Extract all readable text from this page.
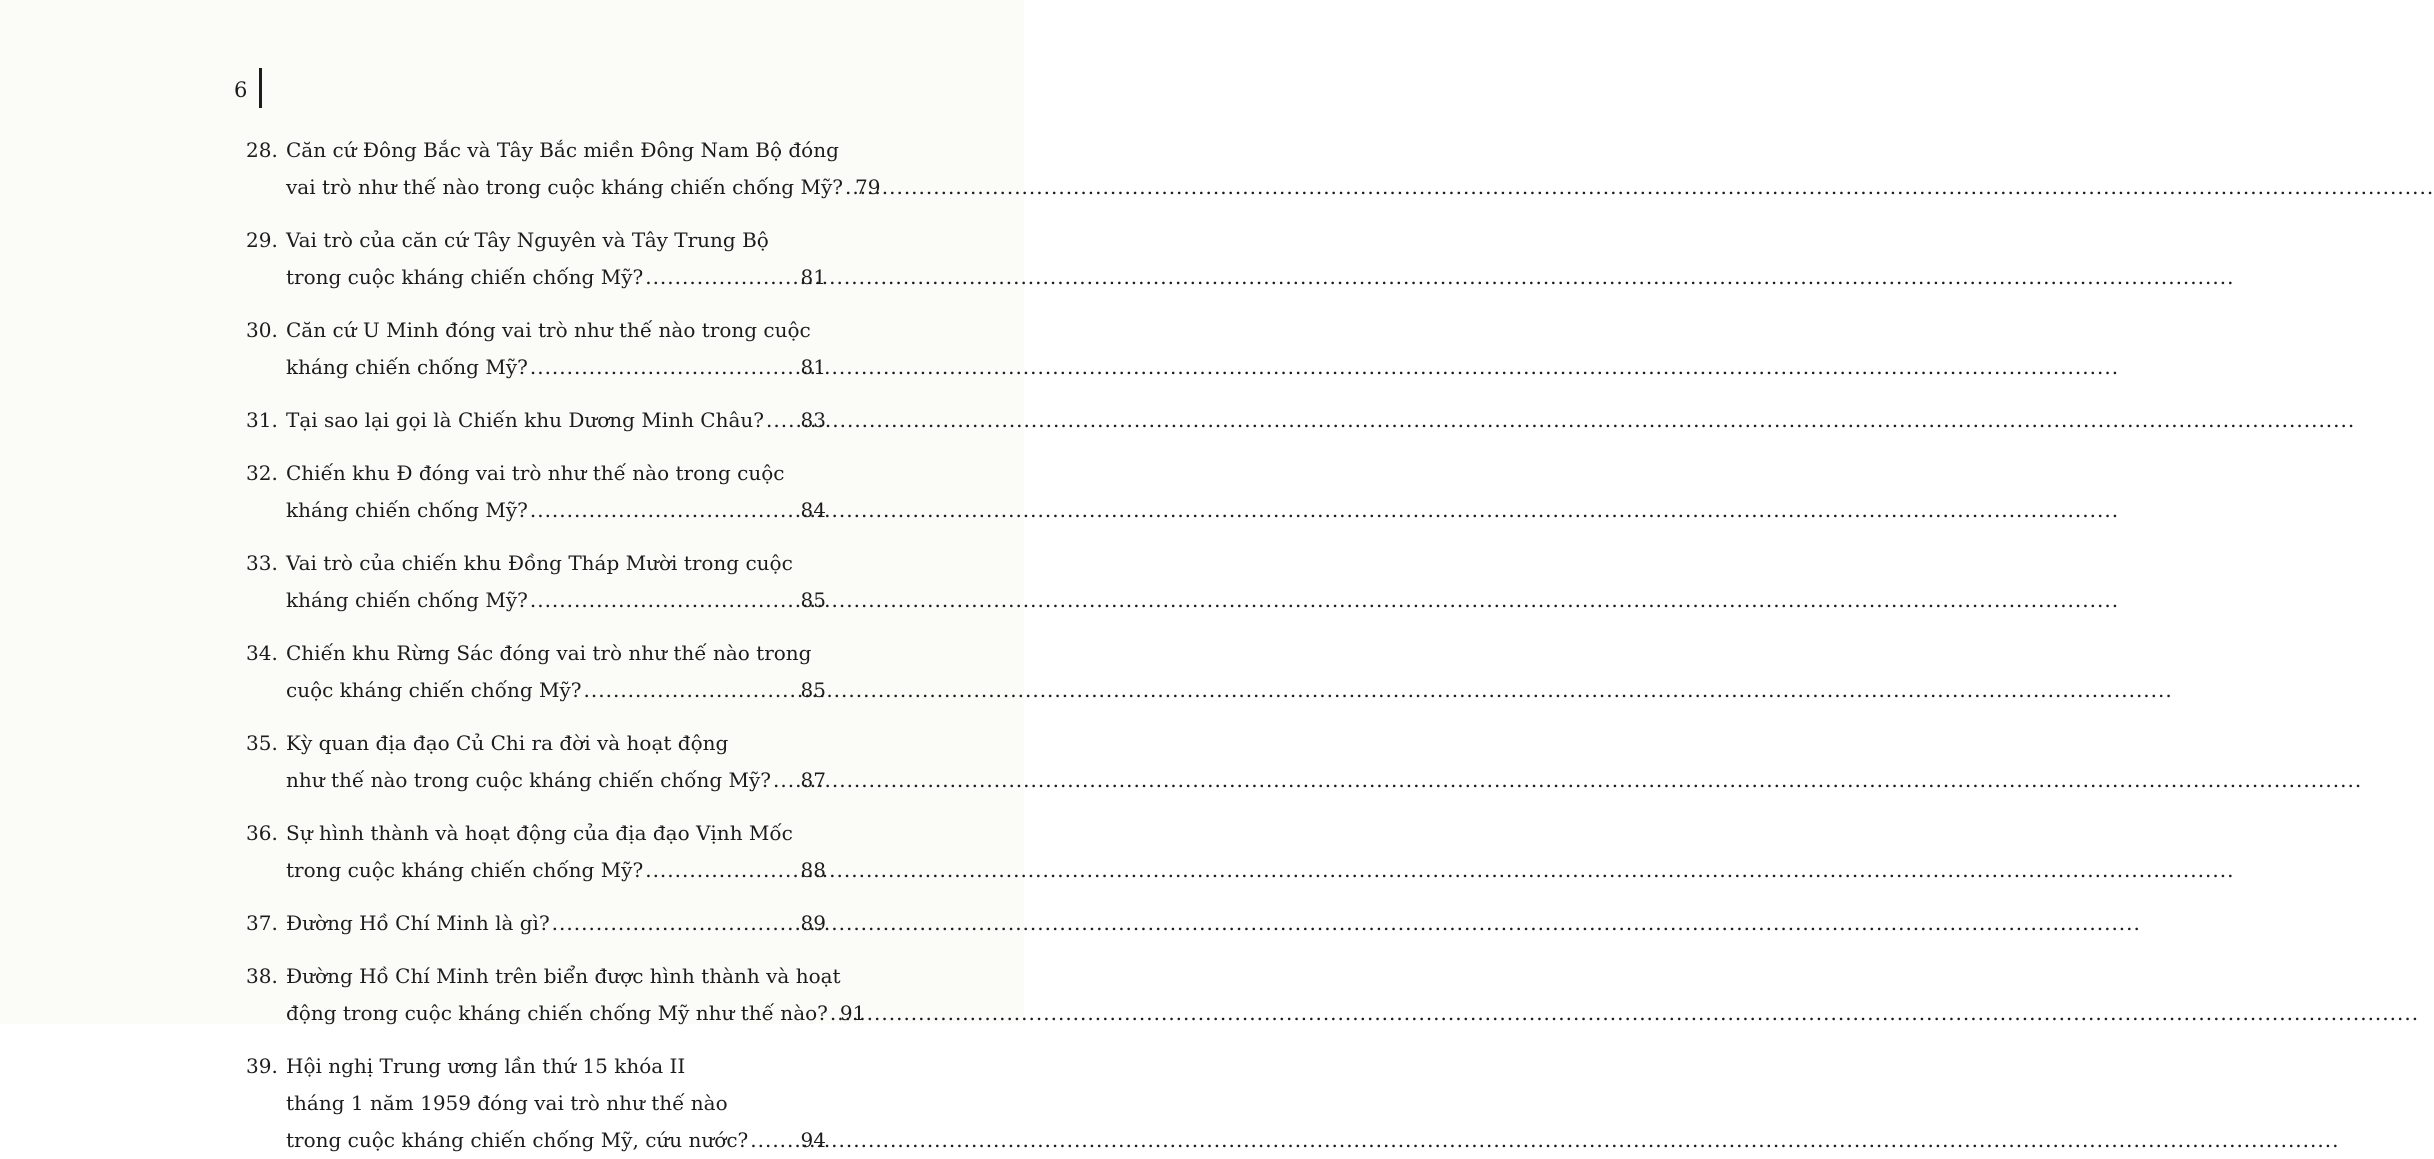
6
28. Căn cứ Đông Bắc và Tây Bắc miền Đông Nam Bộ đóng
vai trò như thế nào trong cuộc kháng chiến chống Mỹ? ..... 79
29. Vai trò của căn cứ Tây Nguyên và Tây Trung Bộ
trong cuộc kháng chiến chống Mỹ? .....	81
30. Căn cứ U Minh đóng vai trò như thế nào trong cuộc
kháng chiến chống Mỹ? .....	81
31. Tại sao lại gọi là Chiến khu Dương Minh Châu? ..... 83
32. Chiến khu Đ đóng vai trò như thế nào trong cuộc
kháng chiến chống Mỹ? .....	84
33. Vai trò của chiến khu Đồng Tháp Mười trong cuộc
kháng chiến chống Mỹ? .....	85
34. Chiến khu Rừng Sác đóng vai trò như thế nào trong
cuộc kháng chiến chống Mỹ? .....	85
35. Kỳ quan địa đạo Củ Chi ra đời và hoạt động
như thế nào trong cuộc kháng chiến chống Mỹ? ..... 87
36. Sự hình thành và hoạt động của địa đạo Vịnh Mốc
trong cuộc kháng chiến chống Mỹ? .....	88
37. Đường Hồ Chí Minh là gì? .....	89
38. Đường Hồ Chí Minh trên biển được hình thành và hoạt
động trong cuộc kháng chiến chống Mỹ như thế nào? ..... 91
39. Hội nghị Trung ương lần thứ 15 khóa II
tháng 1 năm 1959 đóng vai trò như thế nào
trong cuộc kháng chiến chống Mỹ, cứu nước? .....	94
